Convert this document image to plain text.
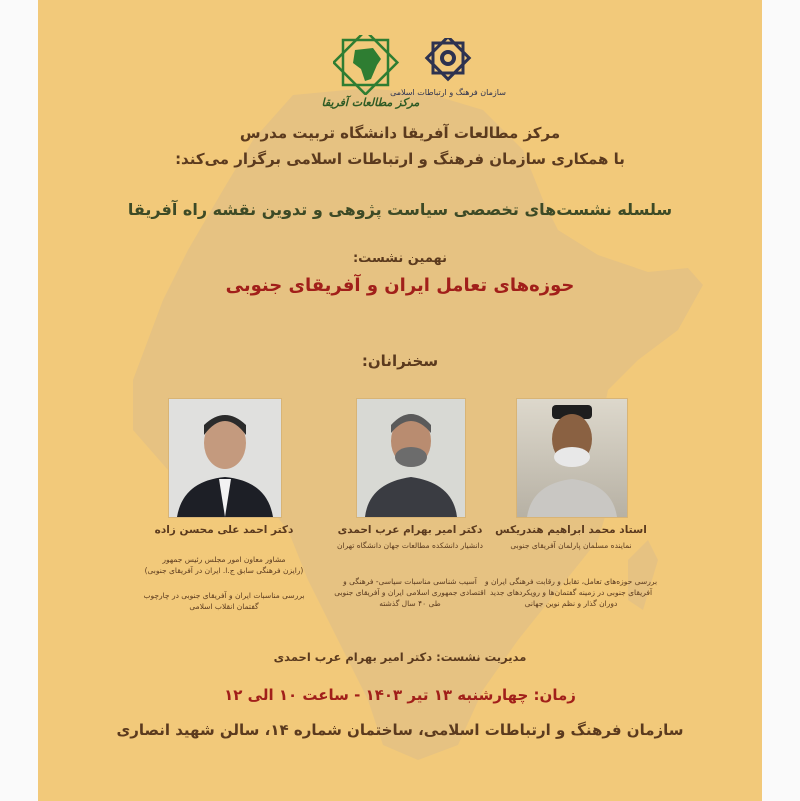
سازمان فرهنگ و ارتباطات اسلامی
مرکز مطالعات آفریقا
مرکز مطالعات آفریقا دانشگاه تربیت مدرس
با همکاری سازمان فرهنگ و ارتباطات اسلامی برگزار می‌کند:
سلسله نشست‌های تخصصی سیاست پژوهی و تدوین نقشه راه آفریقا
نهمین نشست:
حوزه‌های تعامل ایران و آفریقای جنوبی
سخنرانان:
استاد محمد ابراهیم هندریکس
نماینده مسلمان پارلمان آفریقای جنوبی
بررسی حوزه‌های تعامل، تقابل و رقابت فرهنگی ایران و
آفریقای جنوبی در زمینه گفتمان‌ها و رویکردهای جدید
دوران گذار و نظم نوین جهانی
دکتر امیر بهرام عرب احمدی
دانشیار دانشکده مطالعات جهان دانشگاه تهران
آسیب شناسی مناسبات سیاسی- فرهنگی و
اقتصادی جمهوری اسلامی ایران و آفریقای جنوبی
طی ۴۰ سال گذشته
دکتر احمد علی محسن زاده
مشاور معاون امور مجلس رئیس جمهور
(رایزن فرهنگی سابق ج.ا. ایران در آفریقای جنوبی)
بررسی مناسبات ایران و آفریقای جنوبی در چارچوب
گفتمان انقلاب اسلامی
مدیریت نشست: دکتر امیر بهرام عرب احمدی
زمان: چهارشنبه ۱۳ تیر ۱۴۰۳ - ساعت ۱۰ الی ۱۲
سازمان فرهنگ و ارتباطات اسلامی، ساختمان شماره ۱۴، سالن شهید انصاری
